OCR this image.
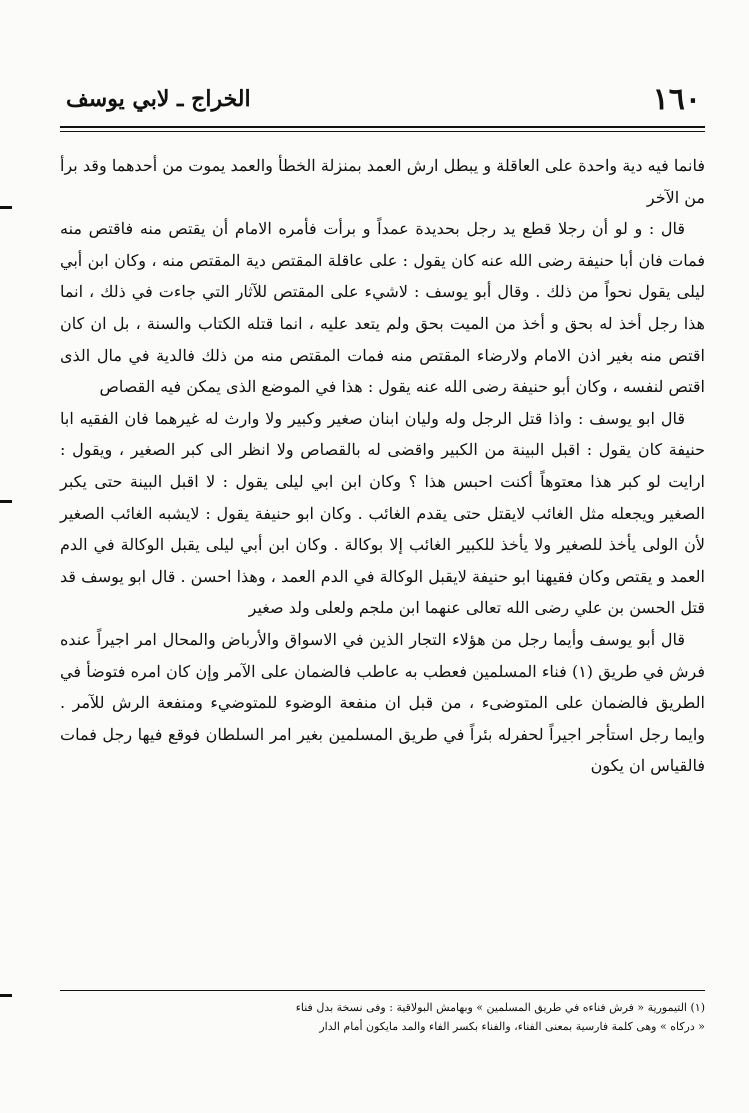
١٦٠
الخراج ـ لابي يوسف

فانما فيه دية واحدة على العاقلة و يبطل ارش العمد بمنزلة الخطأ والعمد يموت من أحدهما وقد برأ من الآخر

قال : و لو أن رجلا قطع يد رجل بحديدة عمداً و برأت فأمره الامام أن يقتص منه فاقتص منه فمات فان أبا حنيفة رضى الله عنه كان يقول : على عاقلة المقتص دية المقتص منه ، وكان ابن أبي ليلى يقول نحواً من ذلك . وقال أبو يوسف : لاشيء على المقتص للآثار التي جاءت في ذلك ، انما هذا رجل أخذ له بحق و أخذ من الميت بحق ولم يتعد عليه ، انما قتله الكتاب والسنة ، بل ان كان اقتص منه بغير اذن الامام ولارضاء المقتص منه فمات المقتص منه من ذلك فالدية في مال الذى اقتص لنفسه ، وكان أبو حنيفة رضى الله عنه يقول : هذا في الموضع الذى يمكن فيه القصاص

قال ابو يوسف : واذا قتل الرجل وله وليان ابنان صغير وكبير ولا وارث له غيرهما فان الفقيه ابا حنيفة كان يقول : اقبل البينة من الكبير واقضى له بالقصاص ولا انظر الى كبر الصغير ، ويقول : ارايت لو كبر هذا معتوهاً أكنت احبس هذا ؟ وكان ابن ابي ليلى يقول : لا اقبل البينة حتى يكبر الصغير ويجعله مثل الغائب لايقتل حتى يقدم الغائب . وكان ابو حنيفة يقول : لايشبه الغائب الصغير لأن الولى يأخذ للصغير ولا يأخذ للكبير الغائب إلا بوكالة . وكان ابن أبي ليلى يقبل الوكالة في الدم العمد و يقتص وكان فقيهنا ابو حنيفة لايقبل الوكالة في الدم العمد ، وهذا احسن . قال ابو يوسف قد قتل الحسن بن علي رضى الله تعالى عنهما ابن ملجم ولعلى ولد صغير

قال أبو يوسف وأيما رجل من هؤلاء التجار الذين في الاسواق والأرباض والمحال امر اجيراً عنده فرش في طريق (١) فناء المسلمين فعطب به عاطب فالضمان على الآمر وإن كان امره فتوضأ في الطريق فالضمان على المتوضىء ، من قبل ان منفعة الوضوء للمتوضيء ومنفعة الرش للآمر . وايما رجل استأجر اجيراً لحفرله بئراً في طريق المسلمين بغير امر السلطان فوقع فيها رجل فمات فالقياس ان يكون

(١) التيمورية « فرش فناءه في طريق المسلمين » وبهامش البولاقية : وفى نسخة بدل فناء
« دركاه » وهى كلمة فارسية بمعنى الفناء، والفناء بكسر الفاء والمد مايكون أمام الدار
